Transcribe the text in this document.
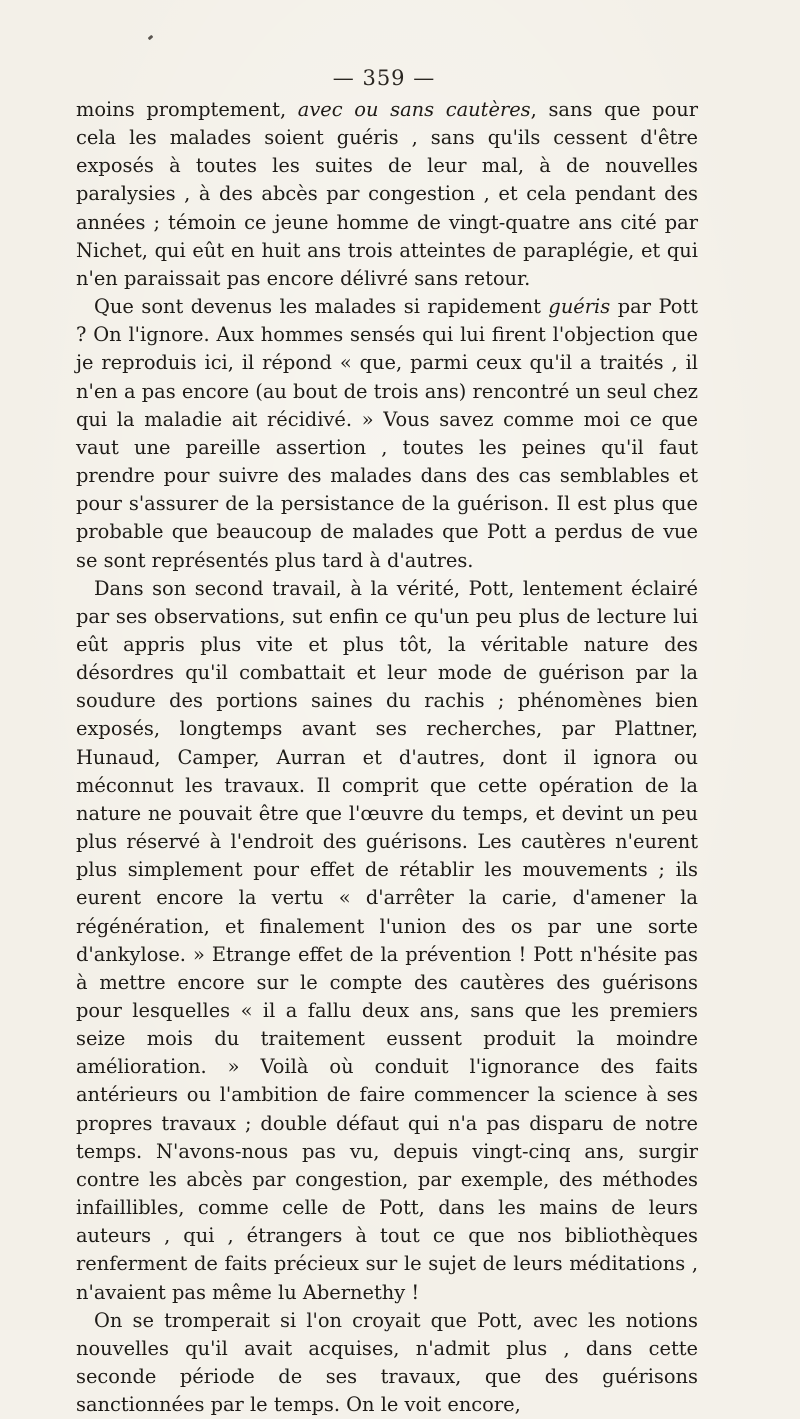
— 359 —

moins promptement, avec ou sans cautères, sans que pour cela les malades soient guéris , sans qu'ils cessent d'être exposés à toutes les suites de leur mal, à de nouvelles paralysies , à des abcès par congestion , et cela pendant des années ; témoin ce jeune homme de vingt-quatre ans cité par Nichet, qui eût en huit ans trois atteintes de paraplégie, et qui n'en paraissait pas encore délivré sans retour.

Que sont devenus les malades si rapidement guéris par Pott ? On l'ignore. Aux hommes sensés qui lui firent l'objection que je reproduis ici, il répond « que, parmi ceux qu'il a traités , il n'en a pas encore (au bout de trois ans) rencontré un seul chez qui la maladie ait récidivé. » Vous savez comme moi ce que vaut une pareille assertion , toutes les peines qu'il faut prendre pour suivre des malades dans des cas semblables et pour s'assurer de la persistance de la guérison. Il est plus que probable que beaucoup de malades que Pott a perdus de vue se sont représentés plus tard à d'autres.

Dans son second travail, à la vérité, Pott, lentement éclairé par ses observations, sut enfin ce qu'un peu plus de lecture lui eût appris plus vite et plus tôt, la véritable nature des désordres qu'il combattait et leur mode de guérison par la soudure des portions saines du rachis ; phénomènes bien exposés, longtemps avant ses recherches, par Plattner, Hunaud, Camper, Aurran et d'autres, dont il ignora ou méconnut les travaux. Il comprit que cette opération de la nature ne pouvait être que l'œuvre du temps, et devint un peu plus réservé à l'endroit des guérisons. Les cautères n'eurent plus simplement pour effet de rétablir les mouvements ; ils eurent encore la vertu « d'arrêter la carie, d'amener la régénération, et finalement l'union des os par une sorte d'ankylose. » Etrange effet de la prévention ! Pott n'hésite pas à mettre encore sur le compte des cautères des guérisons pour lesquelles « il a fallu deux ans, sans que les premiers seize mois du traitement eussent produit la moindre amélioration. » Voilà où conduit l'ignorance des faits antérieurs ou l'ambition de faire commencer la science à ses propres travaux ; double défaut qui n'a pas disparu de notre temps. N'avons-nous pas vu, depuis vingt-cinq ans, surgir contre les abcès par congestion, par exemple, des méthodes infaillibles, comme celle de Pott, dans les mains de leurs auteurs , qui , étrangers à tout ce que nos bibliothèques renferment de faits précieux sur le sujet de leurs méditations , n'avaient pas même lu Abernethy !

On se tromperait si l'on croyait que Pott, avec les notions nouvelles qu'il avait acquises, n'admit plus , dans cette seconde période de ses travaux, que des guérisons sanctionnées par le temps. On le voit encore,
